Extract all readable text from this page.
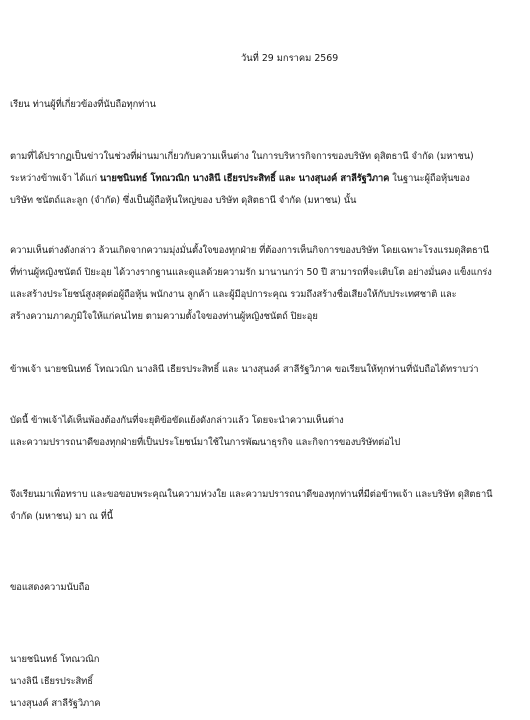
วันที่ 29 มกราคม 2569
เรียน ท่านผู้ที่เกี่ยวข้องที่นับถือทุกท่าน
ตามที่ได้ปรากฏเป็นข่าวในช่วงที่ผ่านมาเกี่ยวกับความเห็นต่าง ในการบริหารกิจการของบริษัท ดุสิตธานี จำกัด (มหาชน)
ระหว่างข้าพเจ้า ได้แก่ นายชนินทธ์ โทณวณิก นางลินี เธียรประสิทธิ์ และ นางสุนงค์ สาลีรัฐวิภาค ในฐานะผู้ถือหุ้นของ
บริษัท ชนัตถ์และลูก (จำกัด) ซึ่งเป็นผู้ถือหุ้นใหญ่ของ บริษัท ดุสิตธานี จำกัด (มหาชน) นั้น
ความเห็นต่างดังกล่าว ล้วนเกิดจากความมุ่งมั่นตั้งใจของทุกฝ่าย ที่ต้องการเห็นกิจการของบริษัท โดยเฉพาะโรงแรมดุสิตธานี
ที่ท่านผู้หญิงชนัตถ์ ปิยะอุย ได้วางรากฐานและดูแลด้วยความรัก มานานกว่า 50 ปี สามารถที่จะเติบโต อย่างมั่นคง แข็งแกร่ง
และสร้างประโยชน์สูงสุดต่อผู้ถือหุ้น พนักงาน ลูกค้า และผู้มีอุปการะคุณ รวมถึงสร้างชื่อเสียงให้กับประเทศชาติ และ
สร้างความภาคภูมิใจให้แก่คนไทย ตามความตั้งใจของท่านผู้หญิงชนัตถ์ ปิยะอุย
ข้าพเจ้า นายชนินทธ์ โทณวณิก นางลินี เธียรประสิทธิ์ และ นางสุนงค์ สาลีรัฐวิภาค ขอเรียนให้ทุกท่านที่นับถือได้ทราบว่า
บัดนี้ ข้าพเจ้าได้เห็นพ้องต้องกันที่จะยุติข้อขัดแย้งดังกล่าวแล้ว โดยจะนำความเห็นต่าง
และความปรารถนาดีของทุกฝ่ายที่เป็นประโยชน์มาใช้ในการพัฒนาธุรกิจ และกิจการของบริษัทต่อไป
จึงเรียนมาเพื่อทราบ และขอขอบพระคุณในความห่วงใย และความปรารถนาดีของทุกท่านที่มีต่อข้าพเจ้า และบริษัท ดุสิตธานี
จำกัด (มหาชน) มา ณ ที่นี้
ขอแสดงความนับถือ
นายชนินทธ์ โทณวณิก
นางลินี เธียรประสิทธิ์
นางสุนงค์ สาลีรัฐวิภาค
